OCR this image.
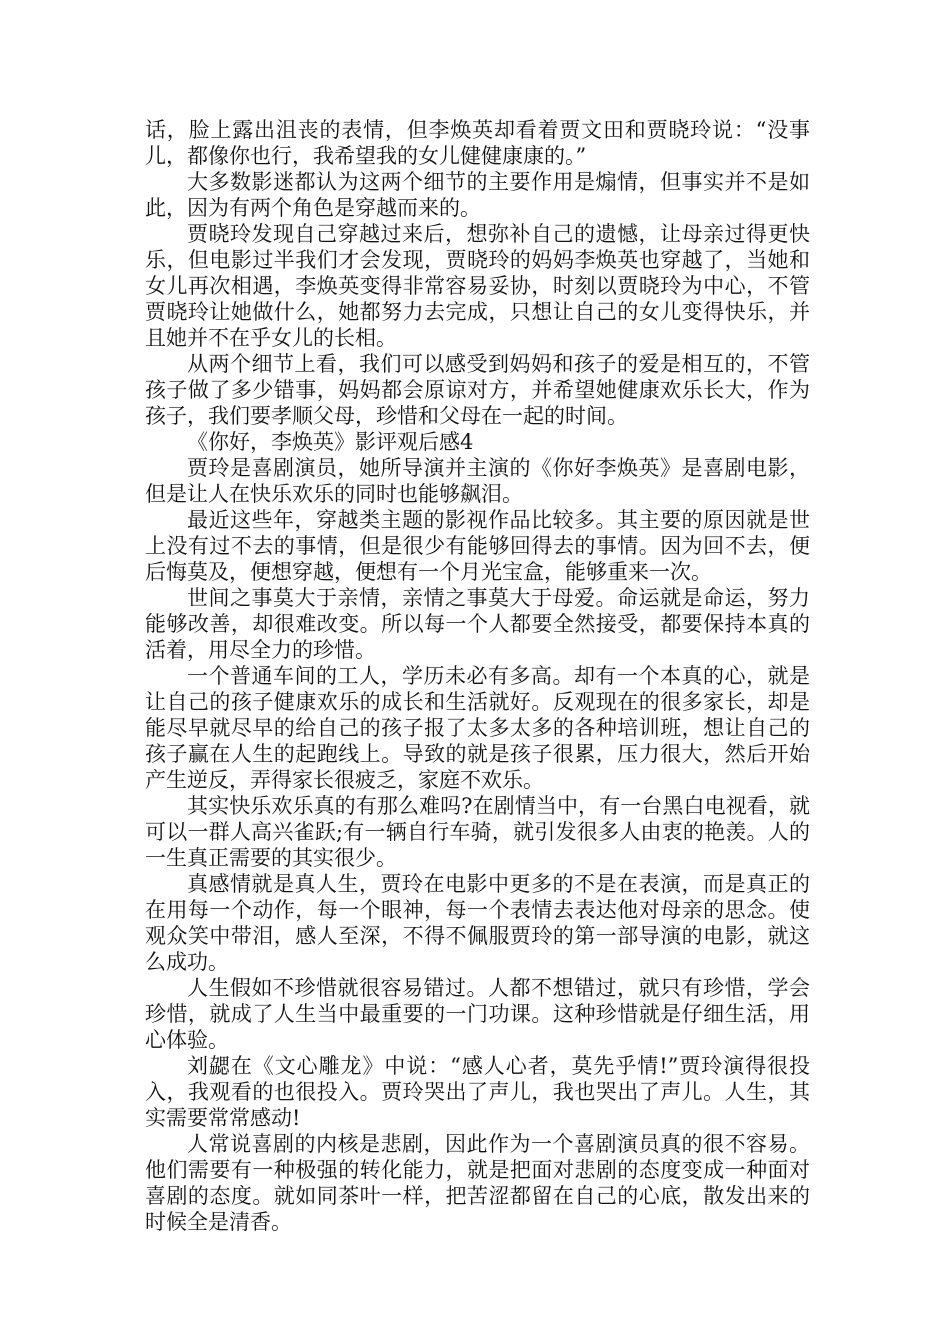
话，脸上露出沮丧的表情，但李焕英却看着贾文田和贾晓玲说：“没事儿，都像你也行，我希望我的女儿健健康康的。”

大多数影迷都认为这两个细节的主要作用是煽情，但事实并不是如此，因为有两个角色是穿越而来的。

贾晓玲发现自己穿越过来后，想弥补自己的遗憾，让母亲过得更快乐，但电影过半我们才会发现，贾晓玲的妈妈李焕英也穿越了，当她和女儿再次相遇，李焕英变得非常容易妥协，时刻以贾晓玲为中心，不管贾晓玲让她做什么，她都努力去完成，只想让自己的女儿变得快乐，并且她并不在乎女儿的长相。

从两个细节上看，我们可以感受到妈妈和孩子的爱是相互的，不管孩子做了多少错事，妈妈都会原谅对方，并希望她健康欢乐长大，作为孩子，我们要孝顺父母，珍惜和父母在一起的时间。

《你好，李焕英》影评观后感4

贾玲是喜剧演员，她所导演并主演的《你好李焕英》是喜剧电影，但是让人在快乐欢乐的同时也能够飙泪。

最近这些年，穿越类主题的影视作品比较多。其主要的原因就是世上没有过不去的事情，但是很少有能够回得去的事情。因为回不去，便后悔莫及，便想穿越，便想有一个月光宝盒，能够重来一次。

世间之事莫大于亲情，亲情之事莫大于母爱。命运就是命运，努力能够改善，却很难改变。所以每一个人都要全然接受，都要保持本真的活着，用尽全力的珍惜。

一个普通车间的工人，学历未必有多高。却有一个本真的心，就是让自己的孩子健康欢乐的成长和生活就好。反观现在的很多家长，却是能尽早就尽早的给自己的孩子报了太多太多的各种培训班，想让自己的孩子赢在人生的起跑线上。导致的就是孩子很累，压力很大，然后开始产生逆反，弄得家长很疲乏，家庭不欢乐。

其实快乐欢乐真的有那么难吗?在剧情当中，有一台黑白电视看，就可以一群人高兴雀跃;有一辆自行车骑，就引发很多人由衷的艳羡。人的一生真正需要的其实很少。

真感情就是真人生，贾玲在电影中更多的不是在表演，而是真正的在用每一个动作，每一个眼神，每一个表情去表达他对母亲的思念。使观众笑中带泪，感人至深，不得不佩服贾玲的第一部导演的电影，就这么成功。

人生假如不珍惜就很容易错过。人都不想错过，就只有珍惜，学会珍惜，就成了人生当中最重要的一门功课。这种珍惜就是仔细生活，用心体验。

刘勰在《文心雕龙》中说：“感人心者，莫先乎情!”贾玲演得很投入，我观看的也很投入。贾玲哭出了声儿，我也哭出了声儿。人生，其实需要常常感动!

人常说喜剧的内核是悲剧，因此作为一个喜剧演员真的很不容易。他们需要有一种极强的转化能力，就是把面对悲剧的态度变成一种面对喜剧的态度。就如同茶叶一样，把苦涩都留在自己的心底，散发出来的时候全是清香。
